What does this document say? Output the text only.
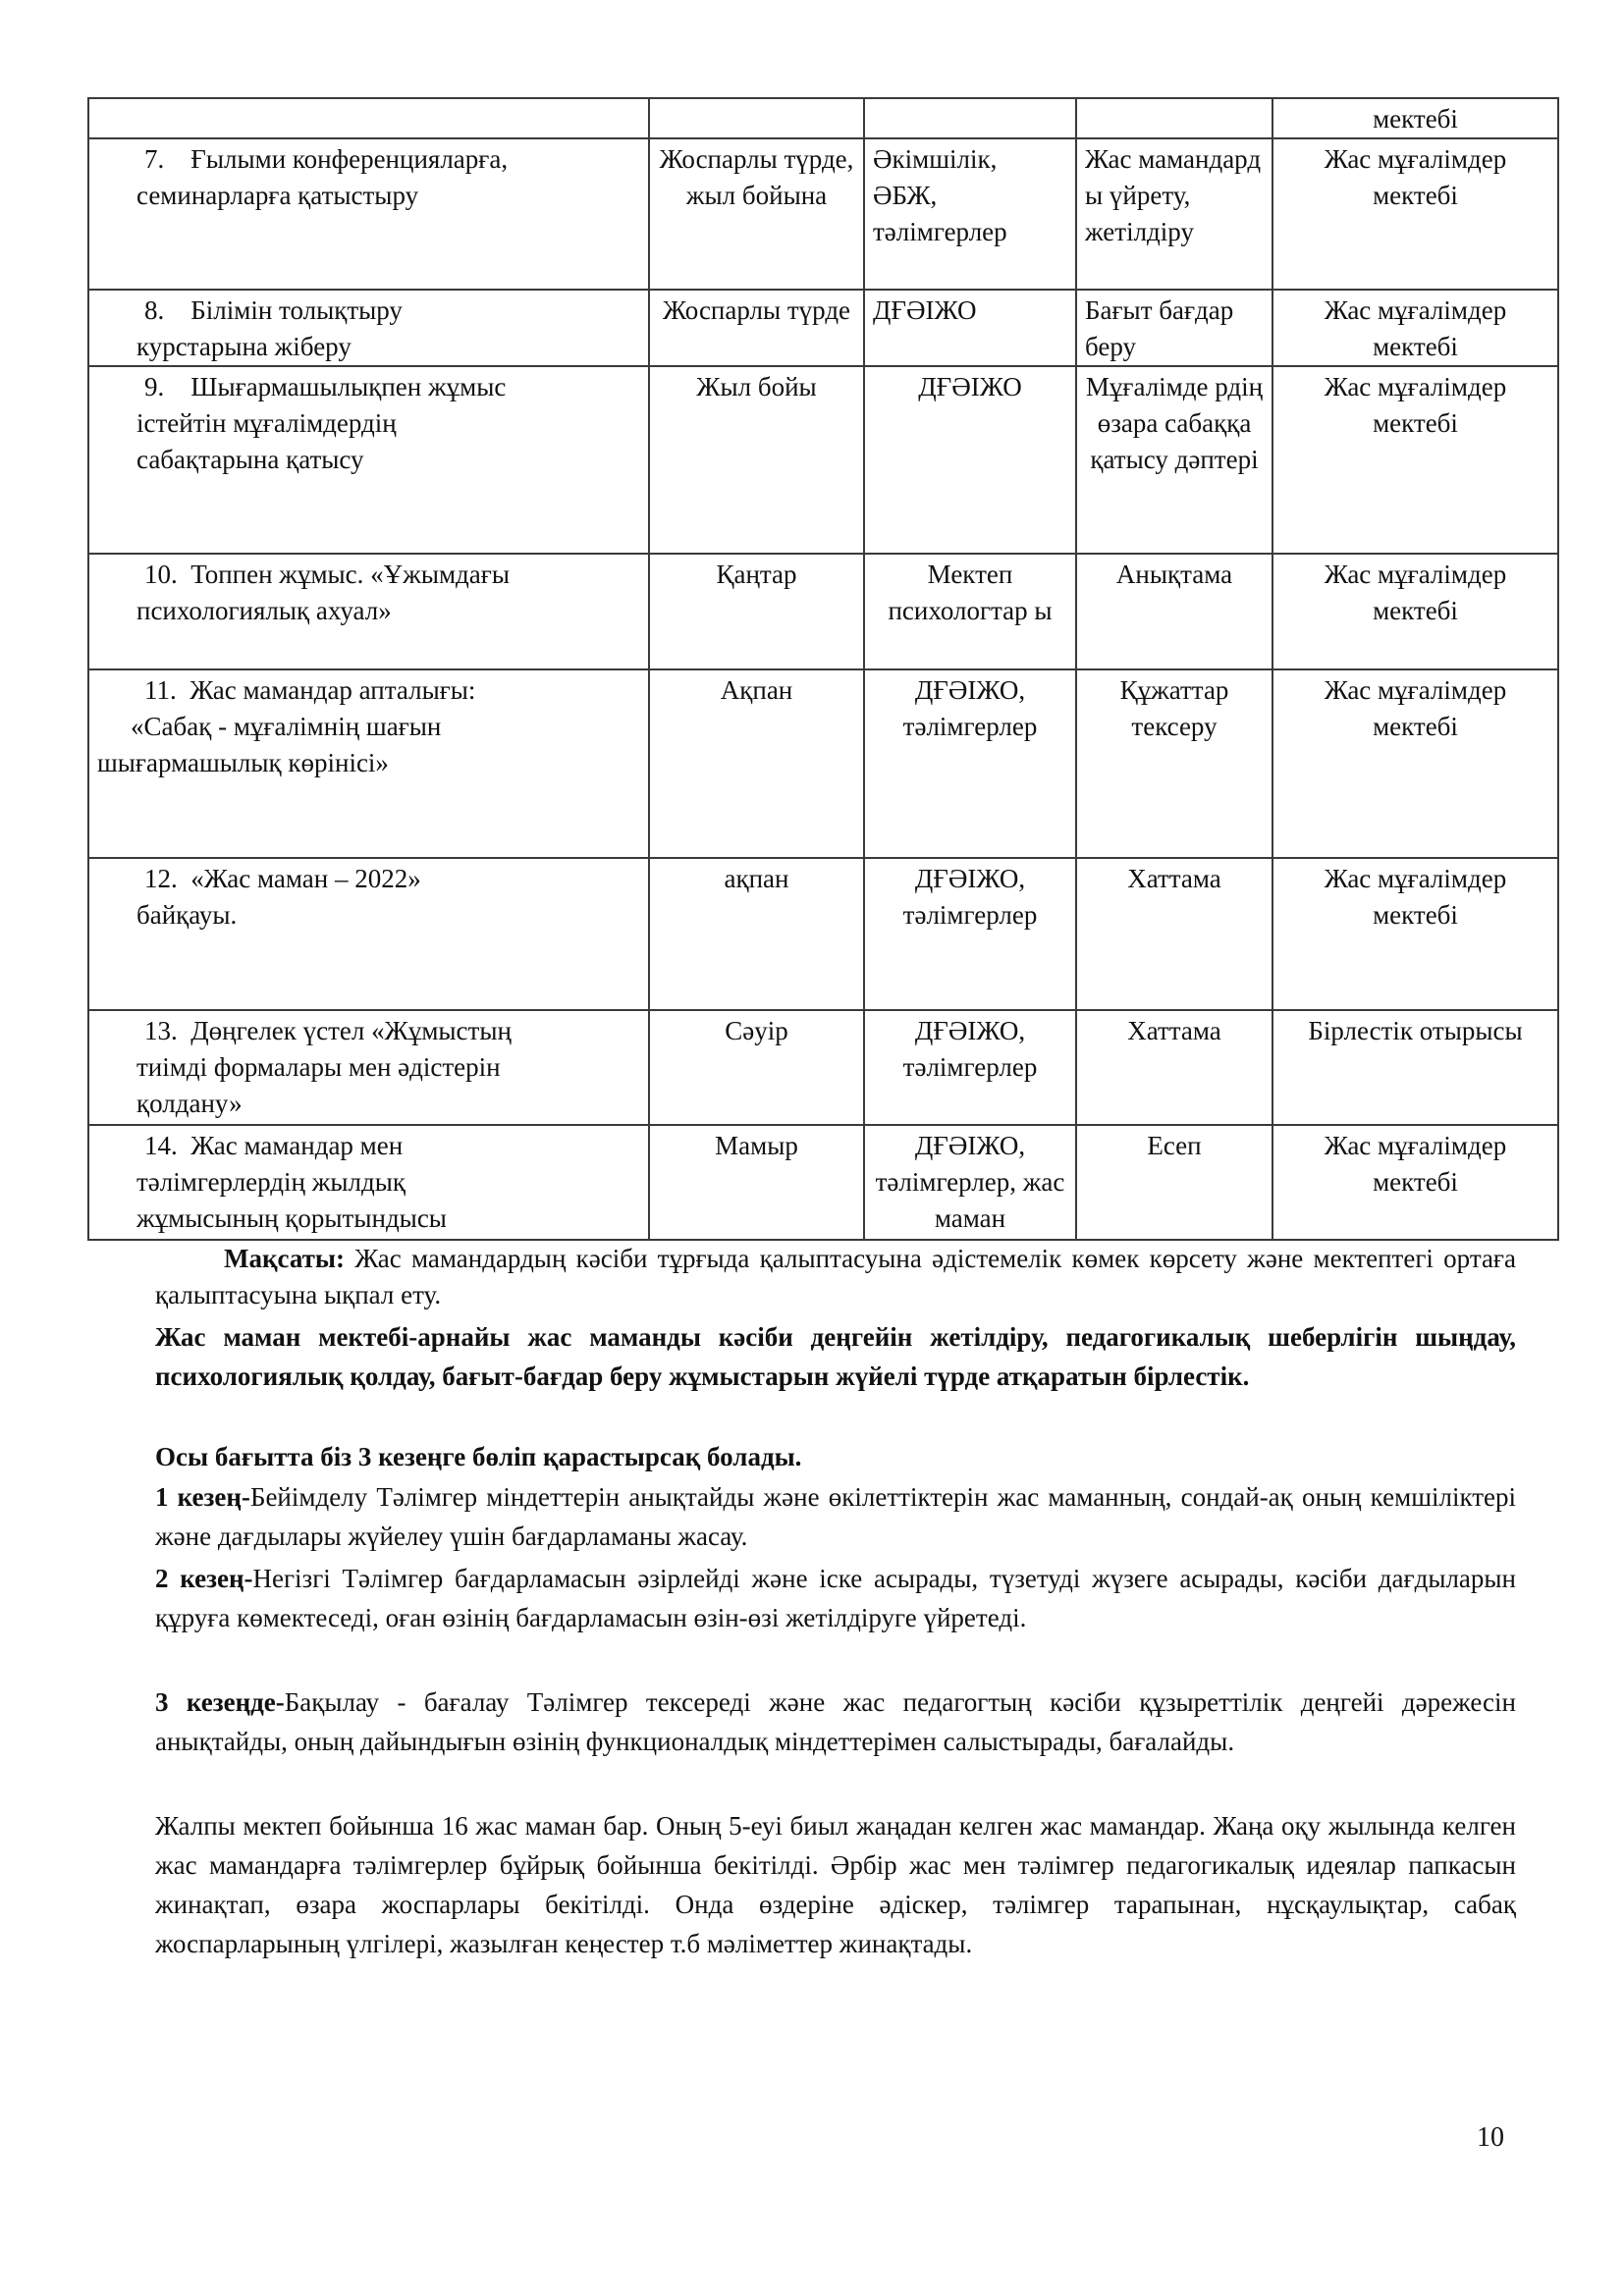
				мектебі

7. Ғылыми конференцияларға,
семинарларға қатыстыру	Жоспарлы түрде, жыл бойына	Әкімшілік, ӘБЖ, тәлімгерлер	Жас мамандард ы үйрету, жетілдіру	Жас мұғалімдер мектебі

8. Білімін толықтыру
курстарына жіберу	Жоспарлы түрде	ДҒӘІЖО	Бағыт бағдар беру	Жас мұғалімдер мектебі

9. Шығармашылықпен жұмыс
істейтін мұғалімдердің сабақтарына қатысу	Жыл бойы	ДҒӘІЖО	Мұғалімде рдің өзара сабаққа қатысу дәптері	Жас мұғалімдер мектебі

10. Топпен жұмыс. «Ұжымдағы
психологиялық ахуал»	Қаңтар	Мектеп психологтар ы	Анықтама	Жас мұғалімдер мектебі

11. Жас мамандар апталығы:
«Сабақ - мұғалімнің шағын шығармашылық көрінісі»	Ақпан	ДҒӘІЖО, тәлімгерлер	Құжаттар тексеру	Жас мұғалімдер мектебі

12. «Жас маман – 2022»
байқауы.	ақпан	ДҒӘІЖО, тәлімгерлер	Хаттама	Жас мұғалімдер мектебі

13. Дөңгелек үстел «Жұмыстың
тиімді формалары мен әдістерін қолдану»	Сәуір	ДҒӘІЖО, тәлімгерлер	Хаттама	Бірлестік отырысы

14. Жас мамандар мен
тәлімгерлердің жылдық жұмысының қорытындысы	Мамыр	ДҒӘІЖО, тәлімгерлер, жас маман	Есеп	Жас мұғалімдер мектебі
Мақсаты: Жас мамандардың кәсіби тұрғыда қалыптасуына әдістемелік көмек көрсету және мектептегі ортаға қалыптасуына ықпал ету.
Жас маман мектебі-арнайы жас маманды кәсіби деңгейін жетілдіру, педагогикалық шеберлігін шыңдау, психологиялық қолдау, бағыт-бағдар беру жұмыстарын жүйелі түрде атқаратын бірлестік.
Осы бағытта біз 3 кезеңге бөліп қарастырсақ болады.
1 кезең-Бейімделу Тәлімгер міндеттерін анықтайды және өкілеттіктерін жас маманның, сондай-ақ оның кемшіліктері және дағдылары жүйелеу үшін бағдарламаны жасау.
2 кезең-Негізгі Тәлімгер бағдарламасын әзірлейді және іске асырады, түзетуді жүзеге асырады, кәсіби дағдыларын құруға көмектеседі, оған өзінің бағдарламасын өзін-өзі жетілдіруге үйретеді.
3 кезеңде-Бақылау - бағалау Тәлімгер тексереді және жас педагогтың кәсіби құзыреттілік деңгейі дәрежесін анықтайды, оның дайындығын өзінің функционалдық міндеттерімен салыстырады, бағалайды.
Жалпы мектеп бойынша 16 жас маман бар. Оның 5-еуі биыл жаңадан келген жас мамандар. Жаңа оқу жылында келген жас мамандарға тәлімгерлер бұйрық бойынша бекітілді. Әрбір жас мен тәлімгер педагогикалық идеялар папкасын жинақтап, өзара жоспарлары бекітілді. Онда өздеріне әдіскер, тәлімгер тарапынан, нұсқаулықтар, сабақ жоспарларының үлгілері, жазылған кеңестер т.б мәліметтер жинақтады.
10
